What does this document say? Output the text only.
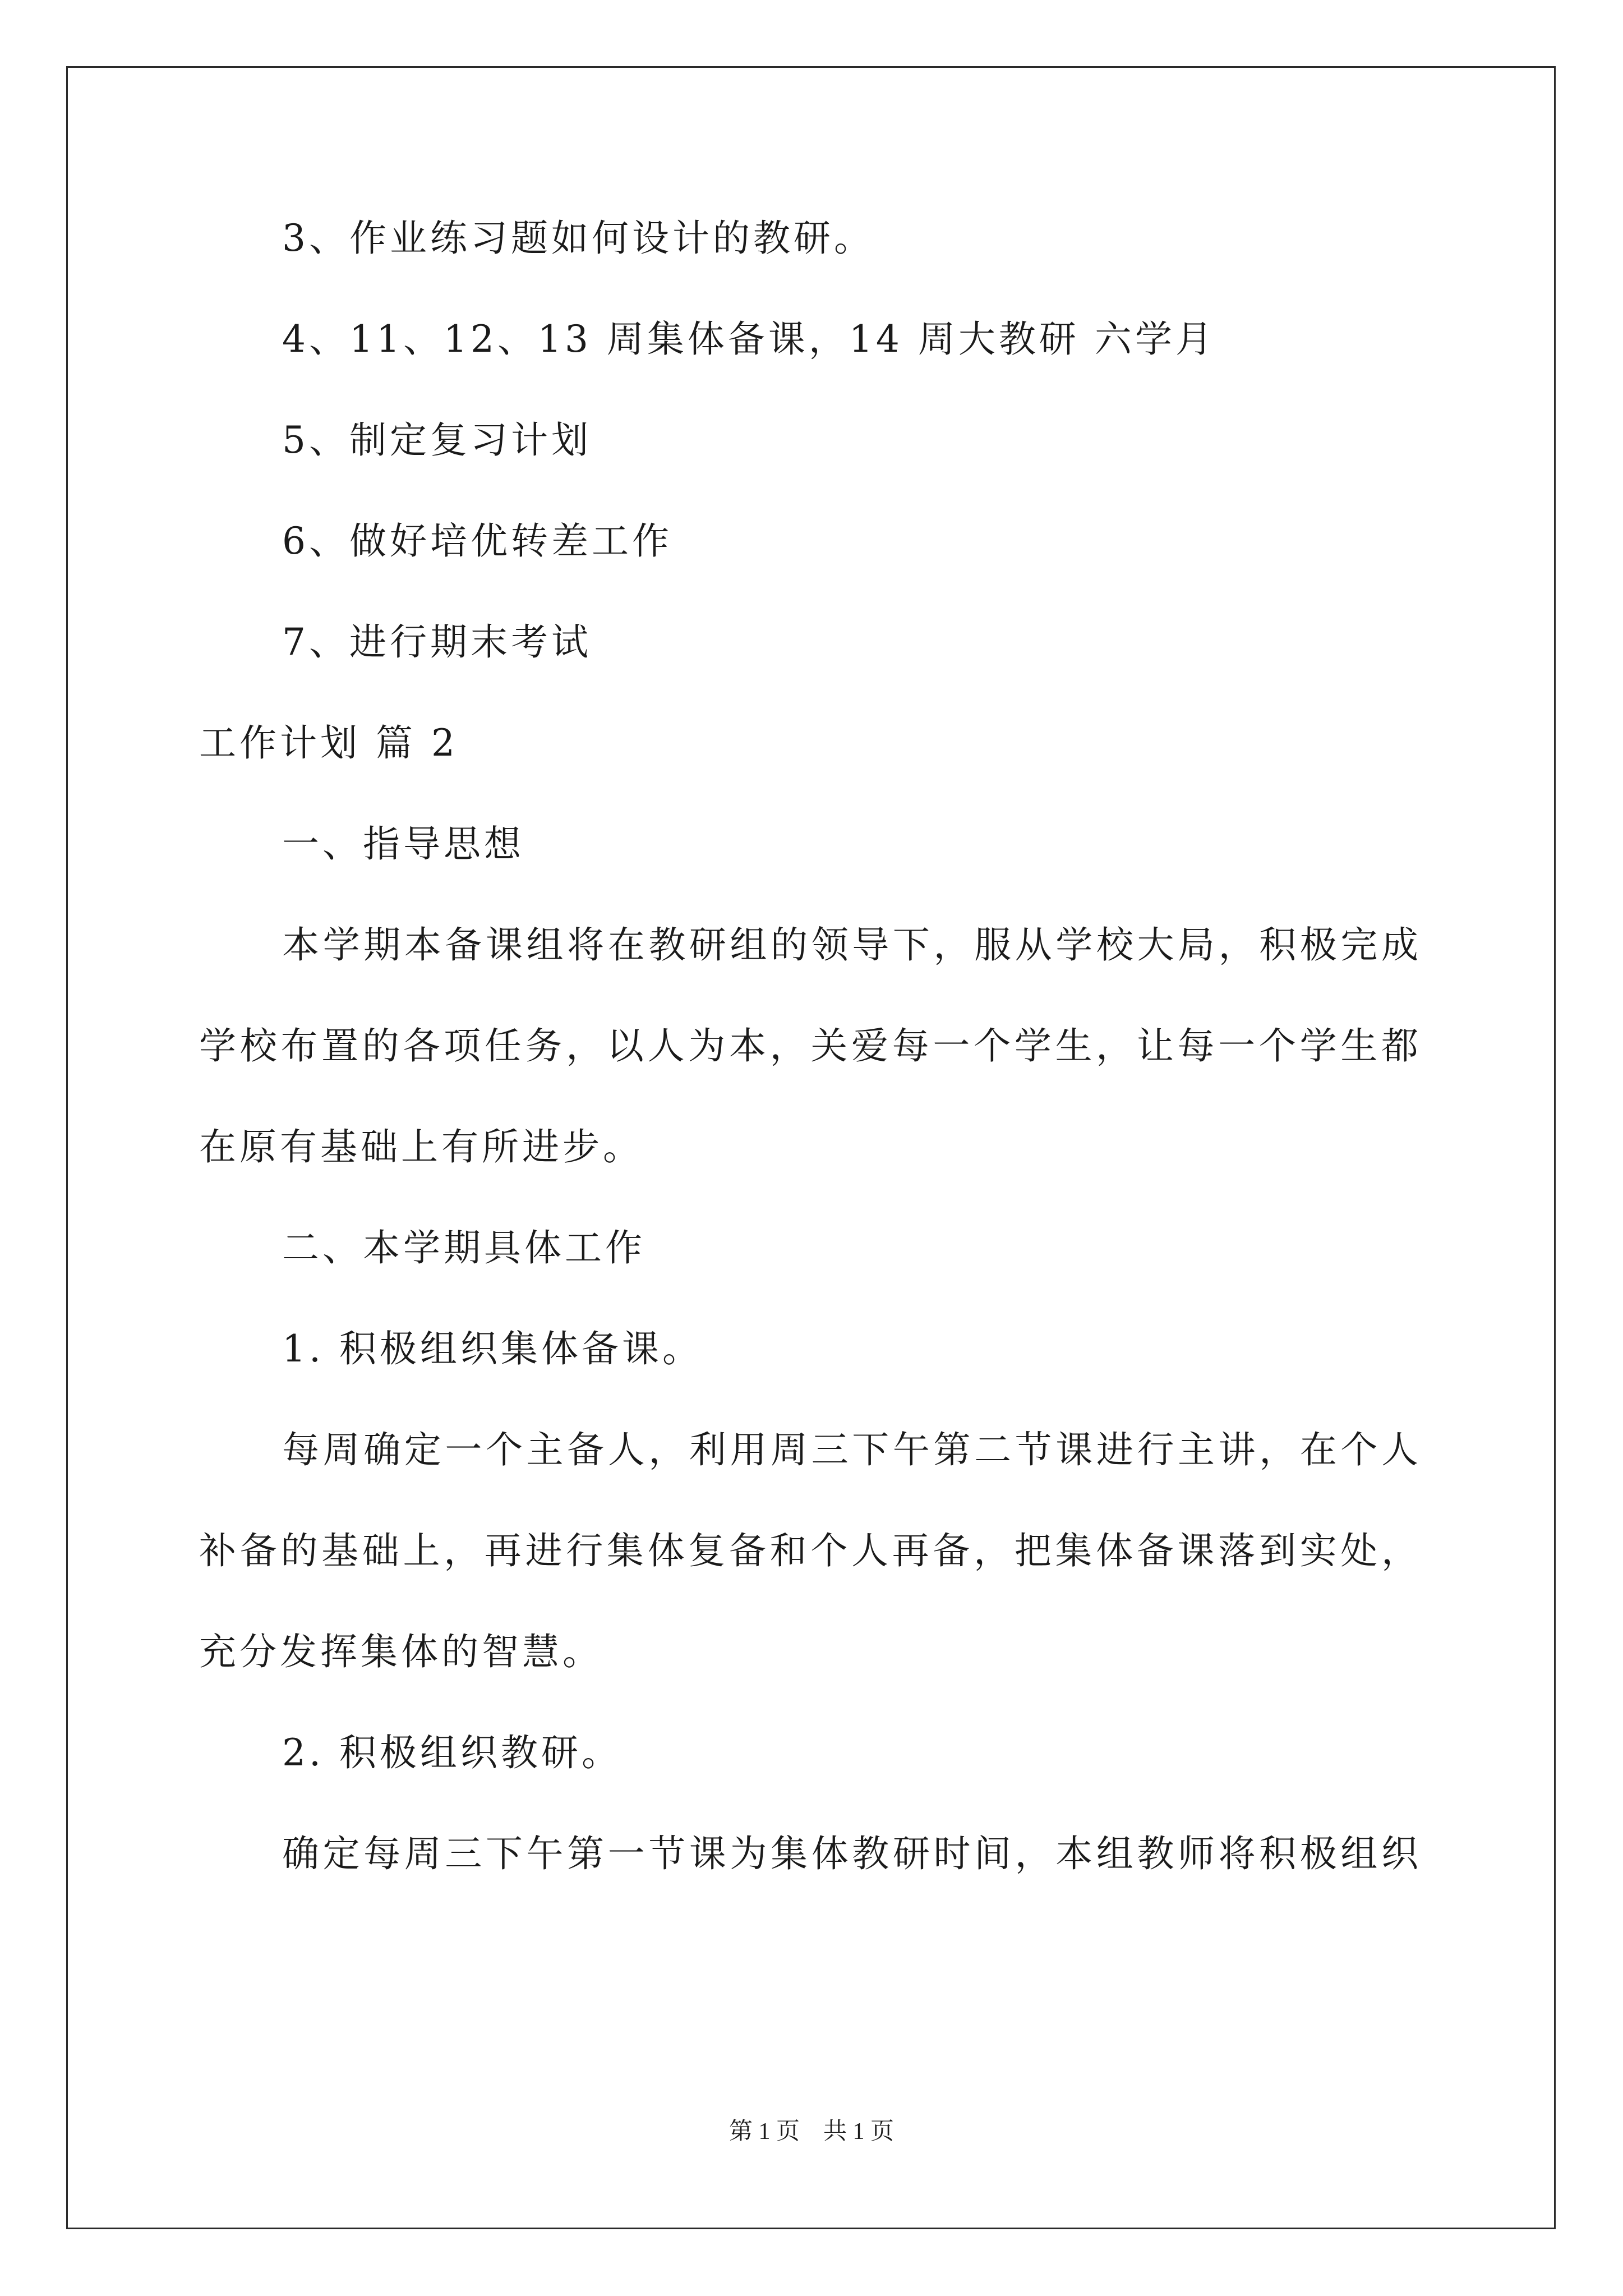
3、作业练习题如何设计的教研。
4、11、12、13 周集体备课，14 周大教研 六学月
5、制定复习计划
6、做好培优转差工作
7、进行期末考试
工作计划 篇 2
一、指导思想
本学期本备课组将在教研组的领导下，服从学校大局，积极完成
学校布置的各项任务，以人为本，关爱每一个学生，让每一个学生都
在原有基础上有所进步。
二、本学期具体工作
1. 积极组织集体备课。
每周确定一个主备人，利用周三下午第二节课进行主讲，在个人
补备的基础上，再进行集体复备和个人再备，把集体备课落到实处，
充分发挥集体的智慧。
2. 积极组织教研。
确定每周三下午第一节课为集体教研时间，本组教师将积极组织
第 1 页    共 1 页
